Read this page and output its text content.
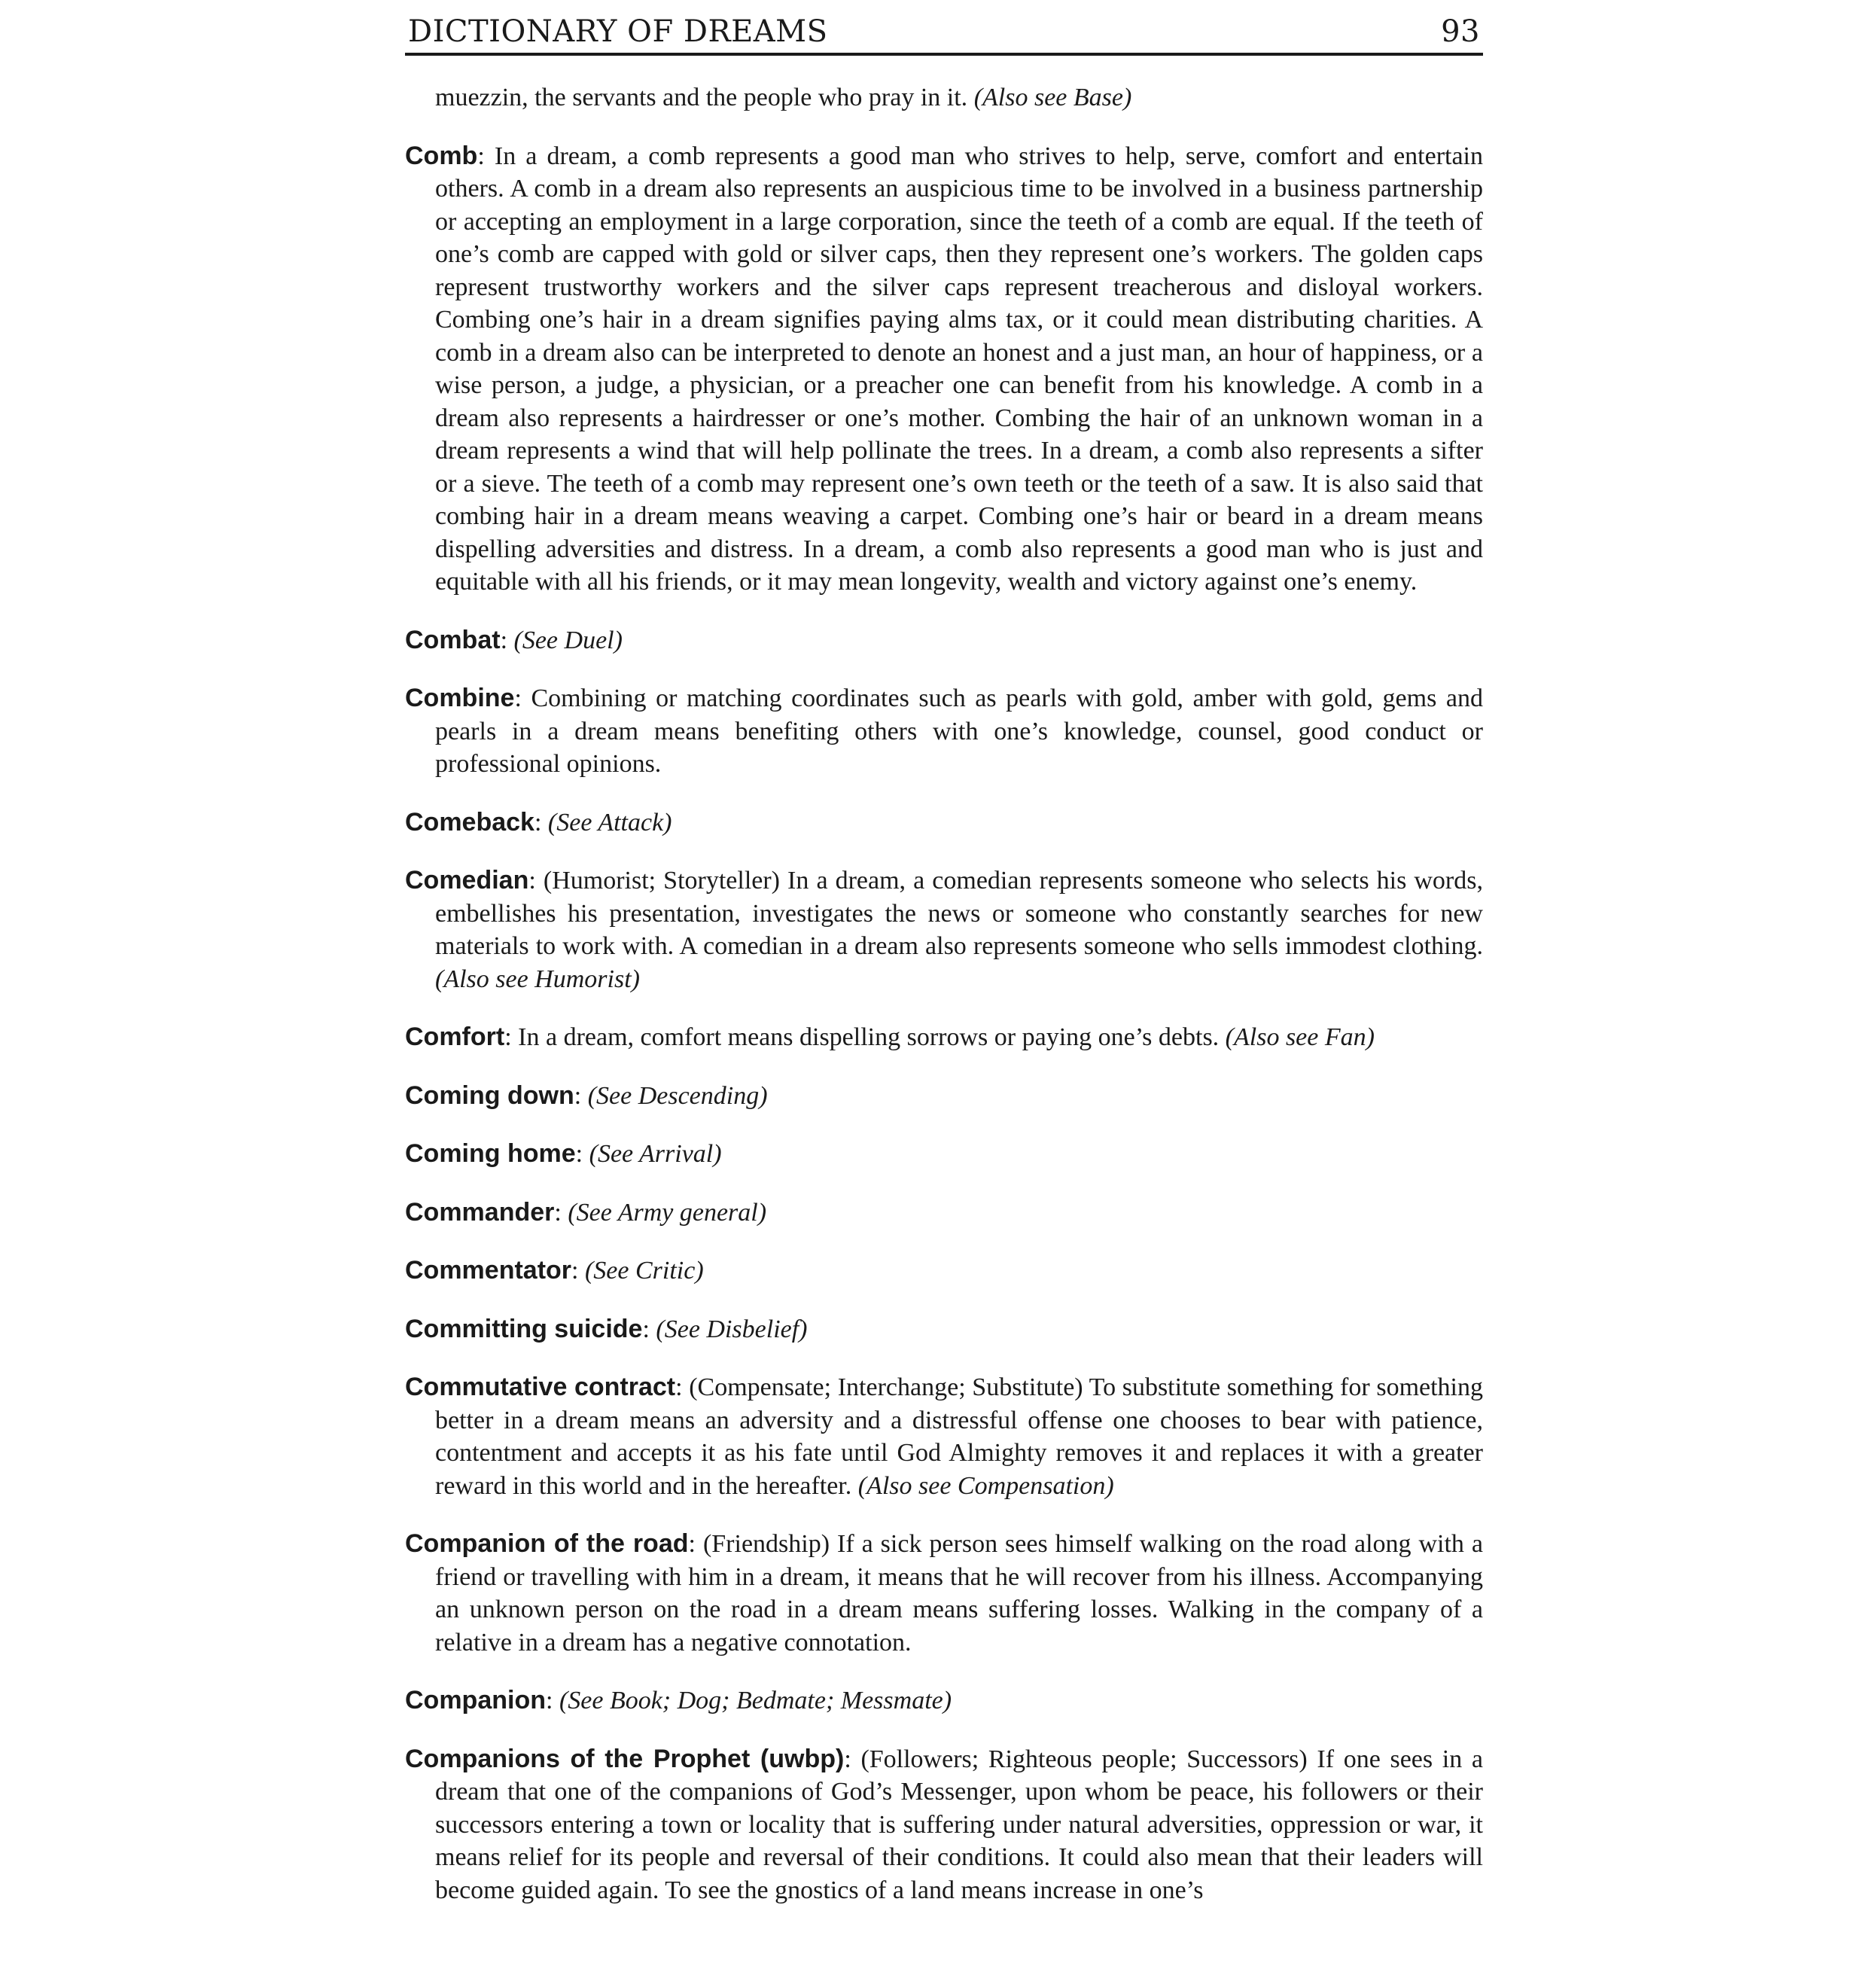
DICTIONARY OF DREAMS	93

muezzin, the servants and the people who pray in it. (Also see Base)

Comb: In a dream, a comb represents a good man who strives to help, serve, comfort and entertain others. A comb in a dream also represents an auspicious time to be involved in a business partnership or accepting an employment in a large corporation, since the teeth of a comb are equal. If the teeth of one’s comb are capped with gold or silver caps, then they represent one’s workers. The golden caps represent trustworthy workers and the silver caps represent treacherous and disloyal workers. Combing one’s hair in a dream signifies paying alms tax, or it could mean distributing charities. A comb in a dream also can be interpreted to denote an honest and a just man, an hour of happiness, or a wise person, a judge, a physician, or a preacher one can benefit from his knowledge. A comb in a dream also represents a hairdresser or one’s mother. Combing the hair of an unknown woman in a dream represents a wind that will help pollinate the trees. In a dream, a comb also represents a sifter or a sieve. The teeth of a comb may represent one’s own teeth or the teeth of a saw. It is also said that combing hair in a dream means weaving a carpet. Combing one’s hair or beard in a dream means dispelling adversities and distress. In a dream, a comb also represents a good man who is just and equitable with all his friends, or it may mean longevity, wealth and victory against one’s enemy.

Combat: (See Duel)

Combine: Combining or matching coordinates such as pearls with gold, amber with gold, gems and pearls in a dream means benefiting others with one’s knowledge, counsel, good conduct or professional opinions.

Comeback: (See Attack)

Comedian: (Humorist; Storyteller) In a dream, a comedian represents someone who selects his words, embellishes his presentation, investigates the news or someone who constantly searches for new materials to work with. A comedian in a dream also represents someone who sells immodest clothing. (Also see Humorist)

Comfort: In a dream, comfort means dispelling sorrows or paying one’s debts. (Also see Fan)

Coming down: (See Descending)

Coming home: (See Arrival)

Commander: (See Army general)

Commentator: (See Critic)

Committing suicide: (See Disbelief)

Commutative contract: (Compensate; Interchange; Substitute) To substitute something for something better in a dream means an adversity and a distressful offense one chooses to bear with patience, contentment and accepts it as his fate until God Almighty removes it and replaces it with a greater reward in this world and in the hereafter. (Also see Compensation)

Companion of the road: (Friendship) If a sick person sees himself walking on the road along with a friend or travelling with him in a dream, it means that he will recover from his illness. Accompanying an unknown person on the road in a dream means suffering losses. Walking in the company of a relative in a dream has a negative connotation.

Companion: (See Book; Dog; Bedmate; Messmate)

Companions of the Prophet (uwbp): (Followers; Righteous people; Successors) If one sees in a dream that one of the companions of God’s Messenger, upon whom be peace, his followers or their successors entering a town or locality that is suffering under natural adversities, oppression or war, it means relief for its people and reversal of their conditions. It could also mean that their leaders will become guided again. To see the gnostics of a land means increase in one’s
